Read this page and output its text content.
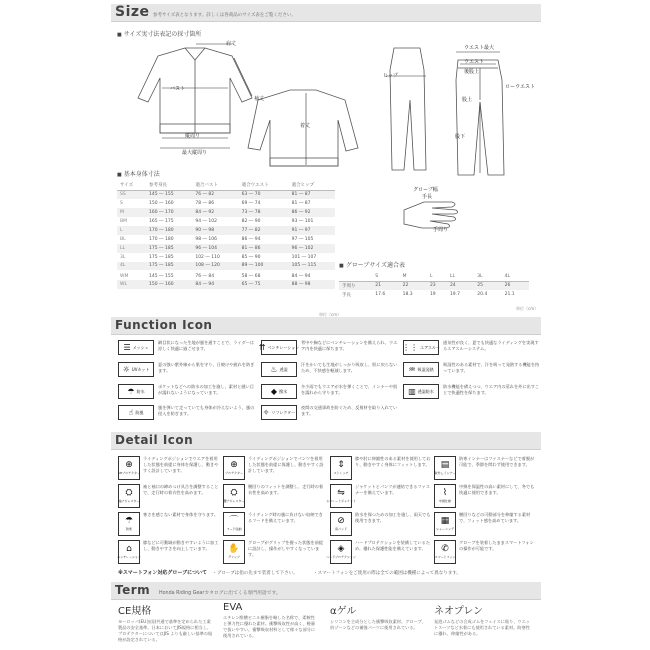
Size 参考サイズ表となります。詳しくは各商品のサイズ表をご覧ください。
■ サイズ実寸法表記の採寸箇所
肩丈
バスト
縦周り
最大縦周り
袖丈
着丈
ウエスト最大
ウエスト
後股上
ヒップ
ローウエスト
股上
股下
グローブ幅
手長
手周り
■ 基本身体寸法
サイズ	参考身長	適合バスト	適合ウエスト	適合ヒップ
SS	145 ― 155	76 ― 82	63 ― 70	81 ― 87
S	150 ― 160	78 ― 86	69 ― 74	81 ― 87
M	160 ― 170	84 ― 92	73 ― 78	86 ― 92
BM	165 ― 175	94 ― 102	82 ― 90	93 ― 101
L	170 ― 180	90 ― 98	77 ― 82	91 ― 97
BL	170 ― 180	98 ― 106	86 ― 94	97 ― 105
LL	175 ― 185	96 ― 104	81 ― 86	96 ― 102
3L	175 ― 185	102 ― 110	85 ― 90	101 ― 107
4L	175 ― 185	108 ― 120	89 ― 100	105 ― 115
WM	145 ― 155	76 ― 84	58 ― 68	84 ― 94
WL	150 ― 160	84 ― 94	65 ― 75	88 ― 98
単位（cm）
■ グローブサイズ適合表
	S	M	L	LL	3L	4L
手周り	21	22	23	24	25	26
手長	17.6	18.3	19	19.7	20.4	21.1
単位（cm）
Function Icon
☰ メッシュ
網目状になった生地が風を通すことで、ライダーは涼しく快適に過ごせます。
☼ UVカット
夏の強い紫外線から肌を守り、日焼けや疲れを防ぎます。
☂ 防水
ポケットなどへの防水の加工を施し、素材と縫い目が濡れないようになっています。
☝ 防風
風を弾いて走っていても身体が冷えないよう、風の侵入を防ぎます。
⇈ ベンチレーション
背中や胸などにベンチレーションを備えられ、ウエア内を快適に保ちます。
♨ 透湿
汗をかいても生地がしっかり吸収し、肌に戻らないため、不快感を軽減します。
◆ 撥水
多少雨でもウエアが水を弾くことで、インナーや肌を濡れから守ります。
✧ リフレクター
夜間の交通事故を防ぐため、反射材を取り入れています。
⋮⋮ エアスルー
通気性が良く、夏でも快適なライディングを実現するエアスルーシステム。
♒ 吸湿発熱
吸湿性のある素材で、汗を吸って発熱する機能を持っています。
▥ 透湿防水
防水機能を備えつつ、ウエア内の蒸れを外に出すことで快適性を保ちます。
Detail Icon
⊕
CEプロテクター
ライディングポジションでウエアを着用した状態を前提に身体を保護し、動きやすく設計しています。
⛭
袖アジャスター
袖と袖口の締めつけ具合を調整することで、走行時の着衣性を高めます。
☂
防寒
寒さを感じない素材で身体を守ります。
⌂
ベンチレーション
膝などに可動域が動きやすいように加工し、動きやすさを向上しています。
⊕
プロテクター
ライディングポジションでパンツを着用した状態を前提に保護し、動きやすく設計しています。
⛭
腰アジャスター
腰回りのフィットを調整し、走行時の着衣性を高めます。
⌒
フード収納
ライディング時の風に負けない収納できるフードを備えています。
✋
グリップ
グローブがグリップを握った状態を前提に設計し、操作がしやすくなっています。
⇕
ストレッチ
膝や肘に伸縮性のある素材を使用しており、動きやすく身体にフィットします。
⇋
セパレートジャケット
ジャケットとパンツが連結できるファスナーを備えています。
⊘
肩パッド
防水を保つための加工を施し、雨天でも使用できます。
◈
ハードプロテクション
ハードプロテクションを装備しているため、優れた保護性能を備えています。
▤
取外しインナー
防寒インナーはファスナーなどで着脱が可能で、季節を問わず使用できます。
⌇
中綿仕様
中綿を保温性の高い素材にして、冬でも快適に使用できます。
▦
シャーリング
腰回りなどの可動部分を伸縮する素材で、フィット感を高めています。
✆
スマートフォン
グローブを装着したままスマートフォンの操作が可能です。
※スマートフォン対応グローブについて ・グローブは指の先まで装着して下さい。	・スマートフォンをご使用の際は全ての範囲は機種によって異なります。
Term Honda Riding Gearカタログに出てくる専門用語です。
CE規格
ヨーロッパ(EU各国)共通で基準を定められた工業製品の安全基準。日本においてJIS規格に相当し、プロテクターについてはJIS よりも厳しい基準の規格が設定されている。
EVA
エチレン酢酸ビニル樹脂を略した名称で、柔軟性と弾力性に優れた素材。衝撃吸収性が高く、軽量で扱いやすい。衝撃吸収材料として様々な部分に使用されている。
αゲル
シリコンを主成分とした衝撃吸収素材。グローブ、肩ゾーンなどの補強パーツに使用されている。
ネオプレン
発泡ゴムなどの合成ゴムをフェイスに貼り、ウエットスーツなど水着にも使用されている素材。防寒性に優れ、伸縮性がある。
